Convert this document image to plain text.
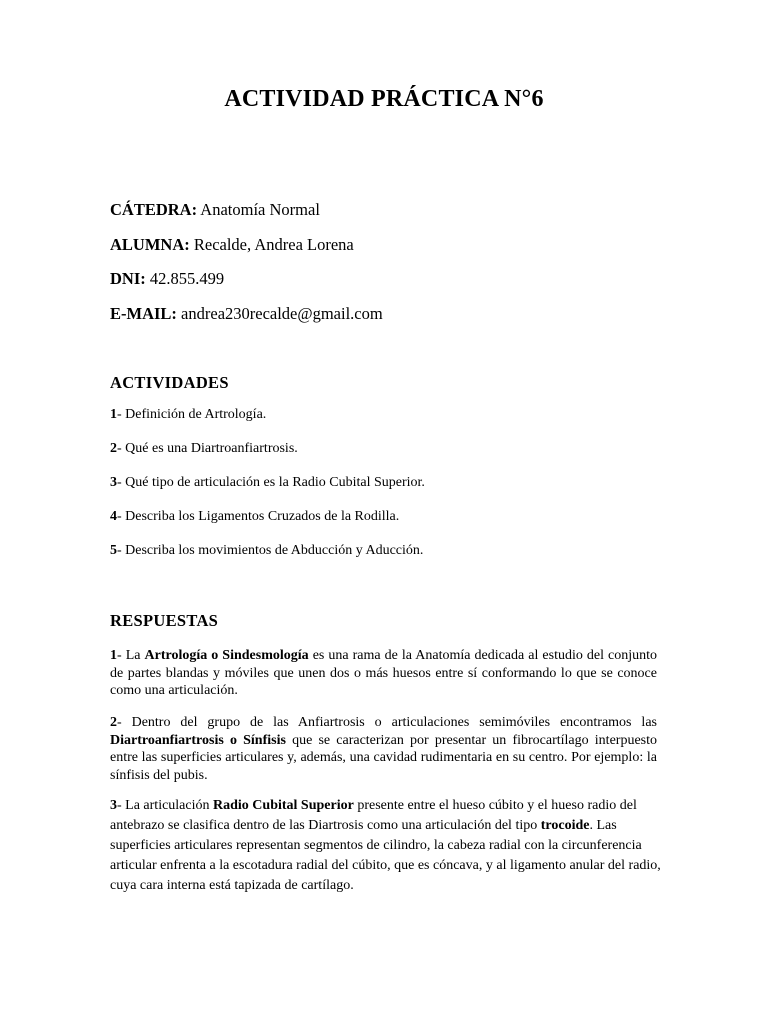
ACTIVIDAD PRÁCTICA N°6
CÁTEDRA: Anatomía Normal
ALUMNA: Recalde, Andrea Lorena
DNI: 42.855.499
E-MAIL: andrea230recalde@gmail.com
ACTIVIDADES
1- Definición de Artrología.
2- Qué es una Diartroanfiartrosis.
3- Qué tipo de articulación es la Radio Cubital Superior.
4- Describa los Ligamentos Cruzados de la Rodilla.
5- Describa los movimientos de Abducción y Aducción.
RESPUESTAS
1- La Artrología o Sindesmología es una rama de la Anatomía dedicada al estudio del conjunto de partes blandas y móviles que unen dos o más huesos entre sí conformando lo que se conoce como una articulación.
2- Dentro del grupo de las Anfiartrosis o articulaciones semimóviles encontramos las Diartroanfiartrosis o Sínfisis que se caracterizan por presentar un fibrocartílago interpuesto entre las superficies articulares y, además, una cavidad rudimentaria en su centro. Por ejemplo: la sínfisis del pubis.
3- La articulación Radio Cubital Superior presente entre el hueso cúbito y el hueso radio del antebrazo se clasifica dentro de las Diartrosis como una articulación del tipo trocoide. Las superficies articulares representan segmentos de cilindro, la cabeza radial con la circunferencia articular enfrenta a la escotadura radial del cúbito, que es cóncava, y al ligamento anular del radio, cuya cara interna está tapizada de cartílago.
